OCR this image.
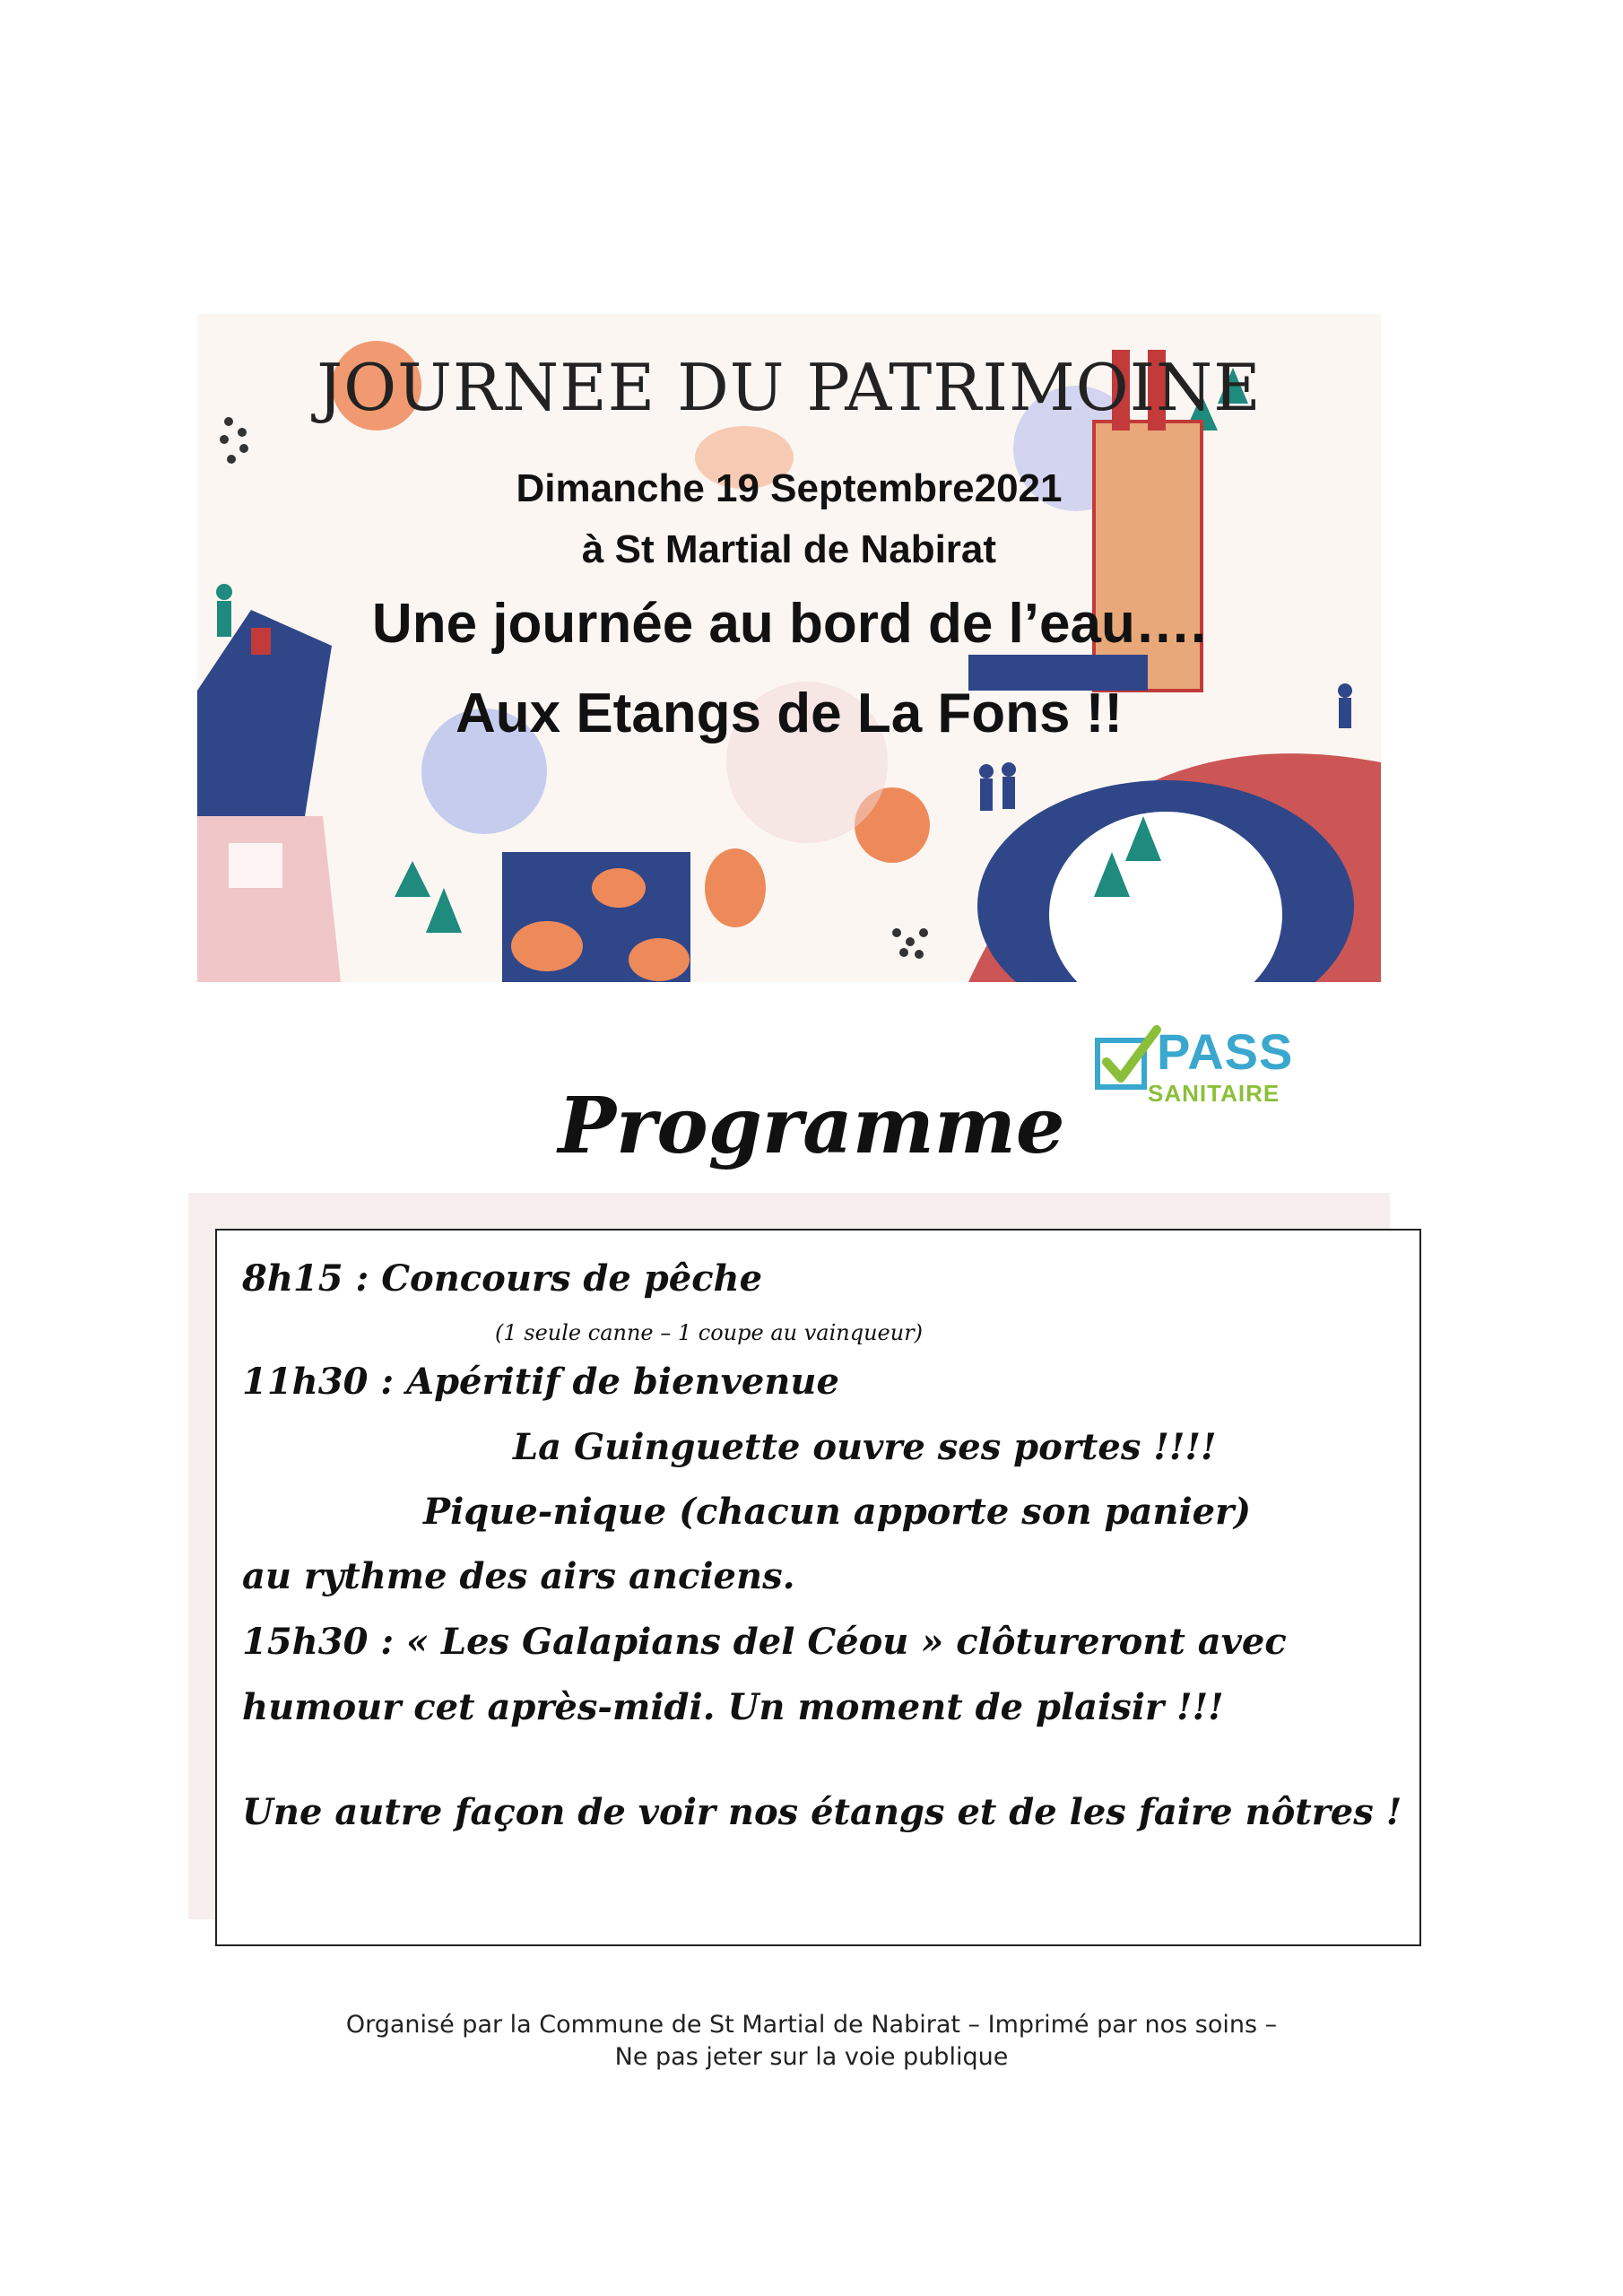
JOURNEE DU PATRIMOINE
Dimanche 19 Septembre2021
à St Martial de Nabirat
Une journée au bord de l’eau….
Aux Etangs de La Fons !!
PASS
SANITAIRE
Programme
8h15 : Concours de pêche
(1 seule canne – 1 coupe au vainqueur)
11h30 : Apéritif de bienvenue
La Guinguette ouvre ses portes !!!!
Pique-nique (chacun apporte son panier)
au rythme des airs anciens.
15h30 : « Les Galapians del Céou » clôtureront avec
humour cet après-midi. Un moment de plaisir !!!
Une autre façon de voir nos étangs et de les faire nôtres !
Organisé par la Commune de St Martial de Nabirat – Imprimé par nos soins –
Ne pas jeter sur la voie publique
